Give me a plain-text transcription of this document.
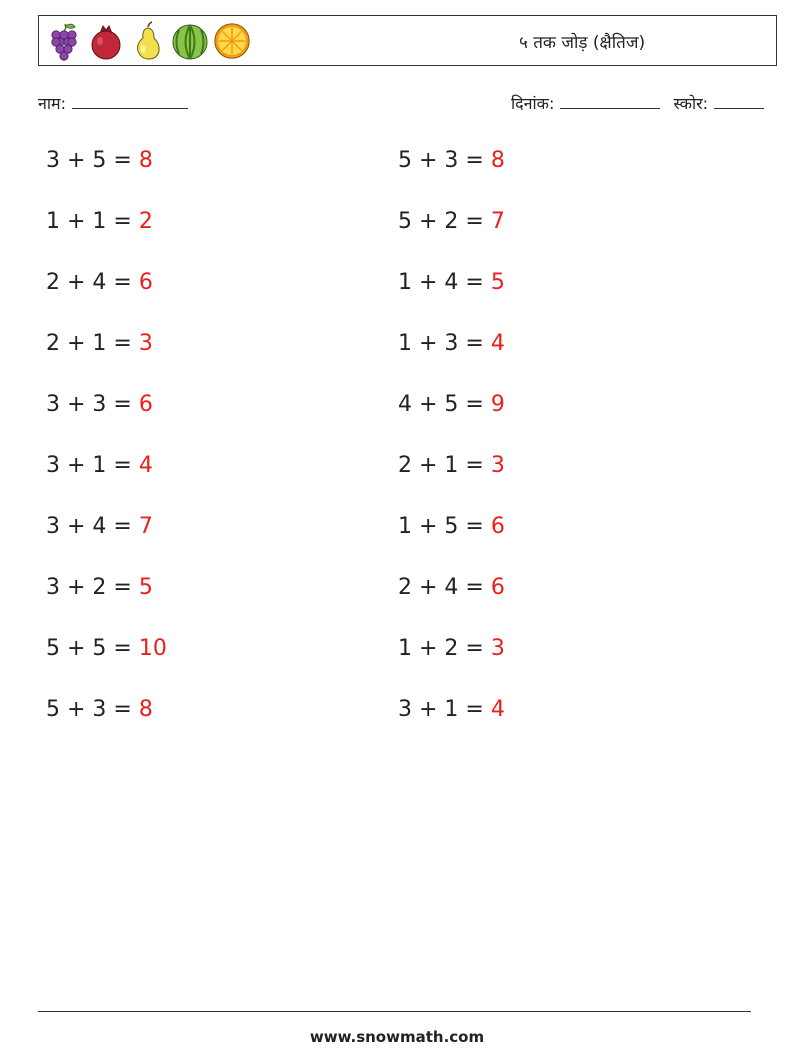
५ तक जोड़ (क्षैतिज)
नाम:	दिनांक:	स्कोर:
3 + 5 = 8
1 + 1 = 2
2 + 4 = 6
2 + 1 = 3
3 + 3 = 6
3 + 1 = 4
3 + 4 = 7
3 + 2 = 5
5 + 5 = 10
5 + 3 = 8
5 + 3 = 8
5 + 2 = 7
1 + 4 = 5
1 + 3 = 4
4 + 5 = 9
2 + 1 = 3
1 + 5 = 6
2 + 4 = 6
1 + 2 = 3
3 + 1 = 4
www.snowmath.com
